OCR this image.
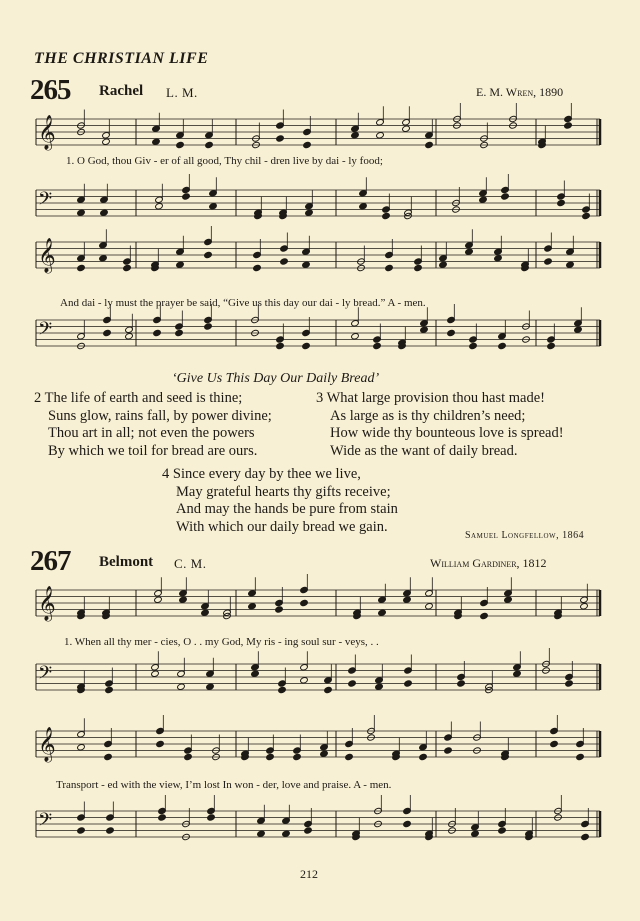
THE CHRISTIAN LIFE
265 Rachel L. M.	E. M. Wren, 1890
𝄞
1. O God, thou Giv - er of all good, Thy chil - dren live by dai - ly food;
𝄢
𝄞
And dai - ly must the prayer be said, “Give us this day our dai - ly bread.” A - men.
𝄢
‘Give Us This Day Our Daily Bread’
2 The life of earth and seed is thine;
Suns glow, rains fall, by power divine;
Thou art in all; not even the powers
By which we toil for bread are ours.
3 What large provision thou hast made!
As large as is thy children’s need;
How wide thy bounteous love is spread!
Wide as the want of daily bread.
4 Since every day by thee we live,
May grateful hearts thy gifts receive;
And may the hands be pure from stain
With which our daily bread we gain.
Samuel Longfellow, 1864
267 Belmont C. M.	William Gardiner, 1812
𝄞
1. When all thy mer - cies, O . . my God, My ris - ing soul sur - veys, . .
𝄢
𝄞
Transport - ed with the view, I’m lost In won - der, love and praise. A - men.
𝄢
212
